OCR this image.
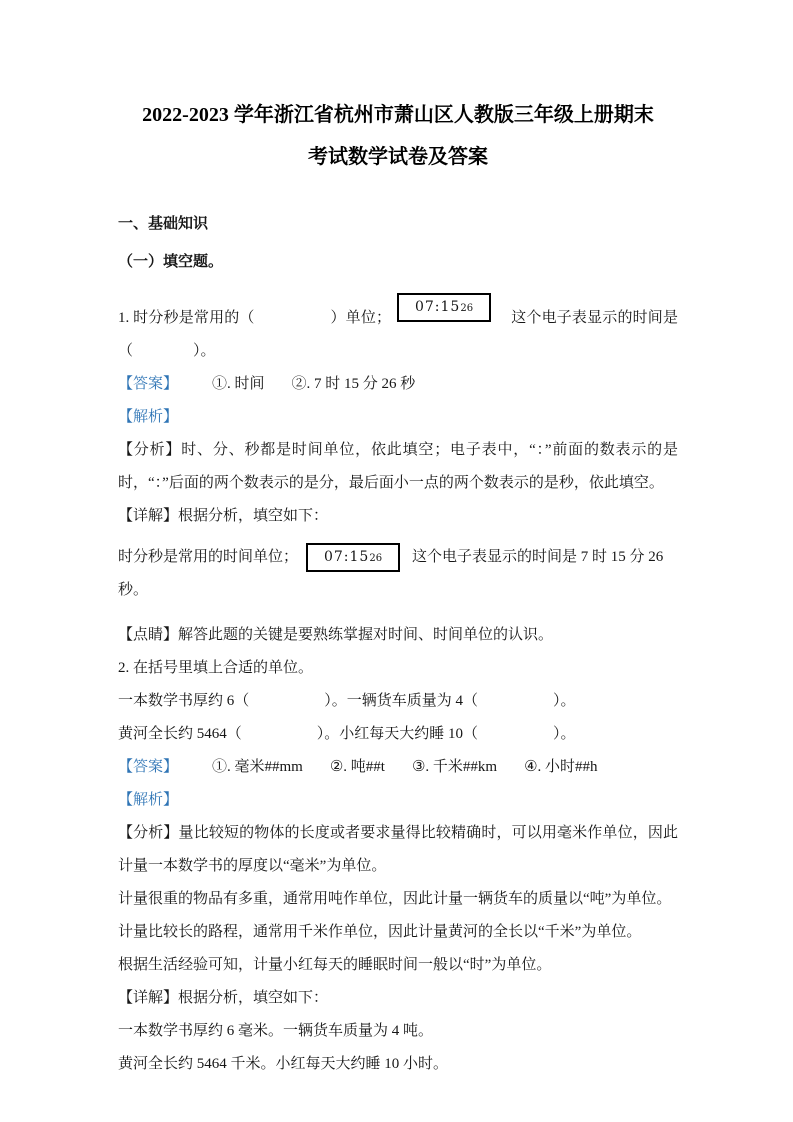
2022-2023 学年浙江省杭州市萧山区人教版三年级上册期末
考试数学试卷及答案

一、基础知识

（一）填空题。

1. 时分秒是常用的（　　　　　）单位；07:1526这个电子表显示的时间是（　　　　）。

【答案】 ①. 时间 ②. 7 时 15 分 26 秒

【解析】

【分析】时、分、秒都是时间单位，依此填空；电子表中，“：”前面的数表示的是时，“：”后面的两个数表示的是分，最后面小一点的两个数表示的是秒，依此填空。

【详解】根据分析，填空如下：

时分秒是常用的时间单位； 07:1526 这个电子表显示的时间是 7 时 15 分 26 秒。

【点睛】解答此题的关键是要熟练掌握对时间、时间单位的认识。

2. 在括号里填上合适的单位。

一本数学书厚约 6（　　　　　）。一辆货车质量为 4（　　　　　）。

黄河全长约 5464（　　　　　）。小红每天大约睡 10（　　　　　）。

【答案】 ①. 毫米##mm ②. 吨##t ③. 千米##km ④. 小时##h

【解析】

【分析】量比较短的物体的长度或者要求量得比较精确时，可以用毫米作单位，因此计量一本数学书的厚度以“毫米”为单位。

计量很重的物品有多重，通常用吨作单位，因此计量一辆货车的质量以“吨”为单位。

计量比较长的路程，通常用千米作单位，因此计量黄河的全长以“千米”为单位。

根据生活经验可知，计量小红每天的睡眠时间一般以“时”为单位。

【详解】根据分析，填空如下：

一本数学书厚约 6 毫米。一辆货车质量为 4 吨。

黄河全长约 5464 千米。小红每天大约睡 10 小时。
